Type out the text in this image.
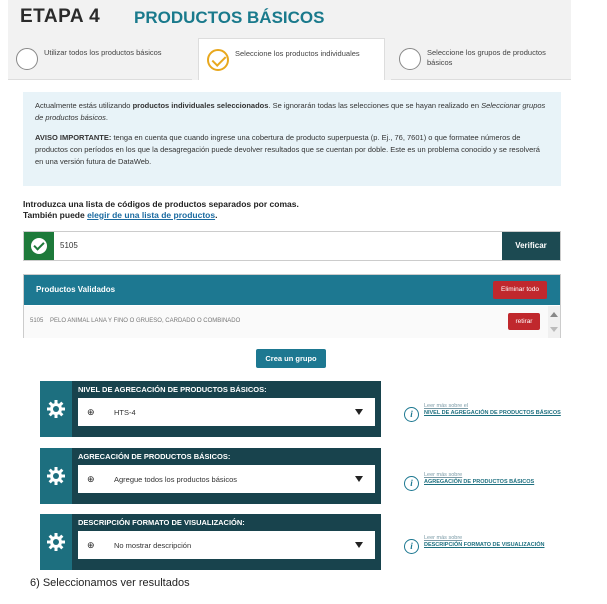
ETAPA 4 PRODUCTOS BÁSICOS
Utilizar todos los productos básicos	Seleccione los productos individuales	Seleccione los grupos de productos básicos

Actualmente estás utilizando productos individuales seleccionados. Se ignorarán todas las selecciones que se hayan realizado en Seleccionar grupos de productos básicos.

AVISO IMPORTANTE: tenga en cuenta que cuando ingrese una cobertura de producto superpuesta (p. Ej., 76, 7601) o que formatee números de productos con períodos en los que la desagregación puede devolver resultados que se cuentan por doble. Este es un problema conocido y se resolverá en una versión futura de DataWeb.

Introduzca una lista de códigos de productos separados por comas.
También puede elegir de una lista de productos.
5105	Verificar
Productos Validados	Eliminar todo
5105 PELO ANIMAL LANA Y FINO O GRUESO, CARDADO O COMBINADO	retirar
Crea un grupo
NIVEL DE AGRECACIÓN DE PRODUCTOS BÁSICOS:
⊕	HTS-4	i
Leer más sobre el
NIVEL DE AGREGACIÓN DE PRODUCTOS BÁSICOS
AGRECACIÓN DE PRODUCTOS BÁSICOS:
⊕	Agregue todos los productos básicos	i
Leer más sobre
AGREGACIÓN DE PRODUCTOS BÁSICOS
DESCRIPCIÓN FORMATO DE VISUALIZACIÓN:
⊕	No mostrar descripción	i
Leer más sobre
DESCRIPCIÓN FORMATO DE VISUALIZACIÓN
6) Seleccionamos ver resultados
